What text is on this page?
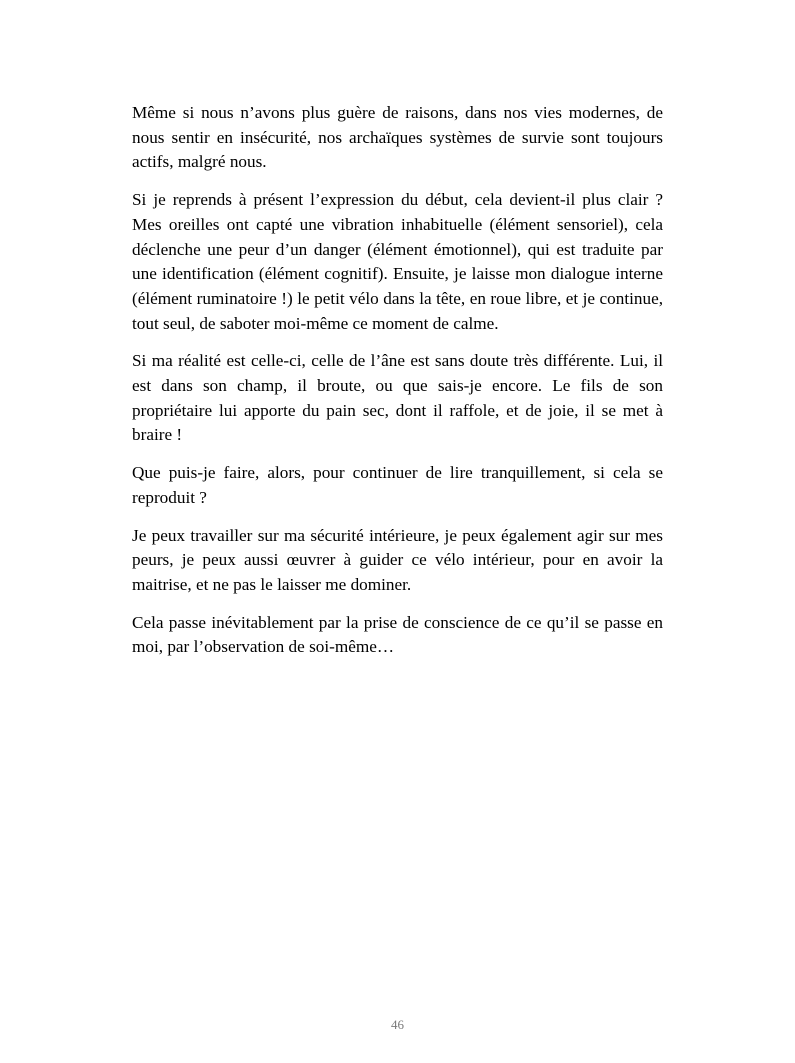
Même si nous n’avons plus guère de raisons, dans nos vies modernes, de nous sentir en insécurité, nos archaïques systèmes de survie sont toujours actifs, malgré nous.

Si je reprends à présent l’expression du début, cela devient-il plus clair ? Mes oreilles ont capté une vibration inhabituelle (élément sensoriel), cela déclenche une peur d’un danger (élément émotionnel), qui est traduite par une identification (élément cognitif). Ensuite, je laisse mon dialogue interne (élément ruminatoire !) le petit vélo dans la tête, en roue libre, et je continue, tout seul, de saboter moi-même ce moment de calme.

Si ma réalité est celle-ci, celle de l’âne est sans doute très différente. Lui, il est dans son champ, il broute, ou que sais-je encore. Le fils de son propriétaire lui apporte du pain sec, dont il raffole, et de joie, il se met à braire !

Que puis-je faire, alors, pour continuer de lire tranquillement, si cela se reproduit ?

Je peux travailler sur ma sécurité intérieure, je peux également agir sur mes peurs, je peux aussi œuvrer à guider ce vélo intérieur, pour en avoir la maitrise, et ne pas le laisser me dominer.

Cela passe inévitablement par la prise de conscience de ce qu’il se passe en moi, par l’observation de soi-même…

46
